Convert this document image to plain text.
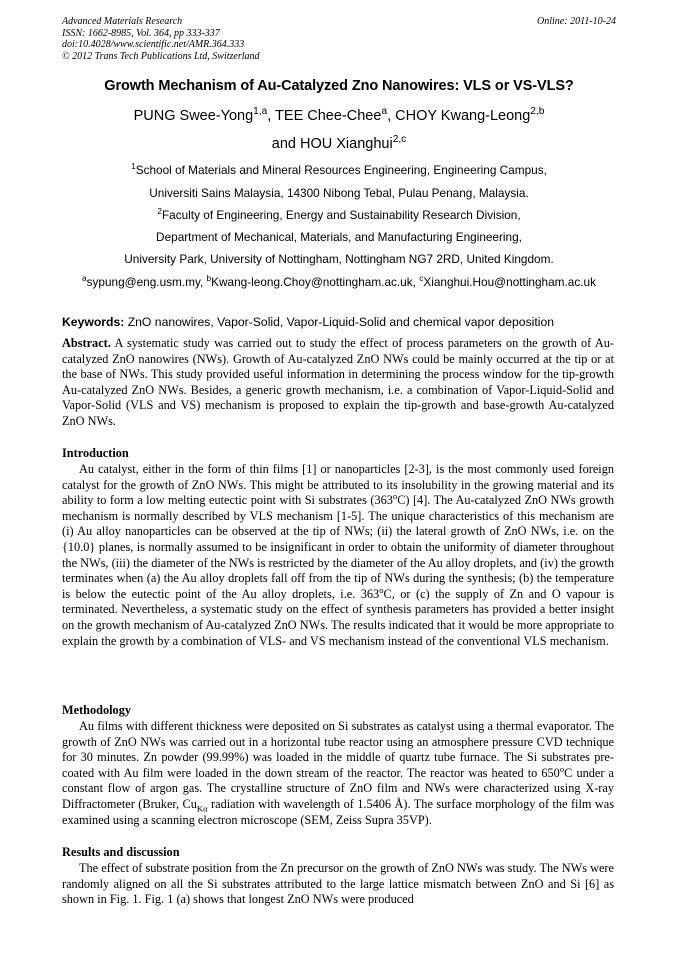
Advanced Materials Research
ISSN: 1662-8985, Vol. 364, pp 333-337
doi:10.4028/www.scientific.net/AMR.364.333
© 2012 Trans Tech Publications Ltd, Switzerland
Online: 2011-10-24
Growth Mechanism of Au-Catalyzed Zno Nanowires: VLS or VS-VLS?
PUNG Swee-Yong$^{1,a}$, TEE Chee-Chee$^a$, CHOY Kwang-Leong$^{2,b}$
and HOU Xianghui$^{2,c}$
$^1$School of Materials and Mineral Resources Engineering, Engineering Campus,
Universiti Sains Malaysia, 14300 Nibong Tebal, Pulau Penang, Malaysia.
$^2$Faculty of Engineering, Energy and Sustainability Research Division,
Department of Mechanical, Materials, and Manufacturing Engineering,
University Park, University of Nottingham, Nottingham NG7 2RD, United Kingdom.
$^a$sypung@eng.usm.my, $^b$Kwang-leong.Choy@nottingham.ac.uk, $^c$Xianghui.Hou@nottingham.ac.uk
Keywords: ZnO nanowires, Vapor-Solid, Vapor-Liquid-Solid and chemical vapor deposition
Abstract. A systematic study was carried out to study the effect of process parameters on the growth of Au-catalyzed ZnO nanowires (NWs). Growth of Au-catalyzed ZnO NWs could be mainly occurred at the tip or at the base of NWs. This study provided useful information in determining the process window for the tip-growth Au-catalyzed ZnO NWs. Besides, a generic growth mechanism, i.e. a combination of Vapor-Liquid-Solid and Vapor-Solid (VLS and VS) mechanism is proposed to explain the tip-growth and base-growth Au-catalyzed ZnO NWs.
Introduction
Au catalyst, either in the form of thin films [1] or nanoparticles [2-3], is the most commonly used foreign catalyst for the growth of ZnO NWs. This might be attributed to its insolubility in the growing material and its ability to form a low melting eutectic point with Si substrates (363$^o$C) [4]. The Au-catalyzed ZnO NWs growth mechanism is normally described by VLS mechanism [1-5]. The unique characteristics of this mechanism are (i) Au alloy nanoparticles can be observed at the tip of NWs; (ii) the lateral growth of ZnO NWs, i.e. on the {10.0} planes, is normally assumed to be insignificant in order to obtain the uniformity of diameter throughout the NWs, (iii) the diameter of the NWs is restricted by the diameter of the Au alloy droplets, and (iv) the growth terminates when (a) the Au alloy droplets fall off from the tip of NWs during the synthesis; (b) the temperature is below the eutectic point of the Au alloy droplets, i.e. 363$^o$C, or (c) the supply of Zn and O vapour is terminated. Nevertheless, a systematic study on the effect of synthesis parameters has provided a better insight on the growth mechanism of Au-catalyzed ZnO NWs. The results indicated that it would be more appropriate to explain the growth by a combination of VLS- and VS mechanism instead of the conventional VLS mechanism.
Methodology
Au films with different thickness were deposited on Si substrates as catalyst using a thermal evaporator. The growth of ZnO NWs was carried out in a horizontal tube reactor using an atmosphere pressure CVD technique for 30 minutes. Zn powder (99.99%) was loaded in the middle of quartz tube furnace. The Si substrates pre-coated with Au film were loaded in the down stream of the reactor. The reactor was heated to 650$^o$C under a constant flow of argon gas. The crystalline structure of ZnO film and NWs were characterized using X-ray Diffractometer (Bruker, $Cu_{K\alpha}$ radiation with wavelength of 1.5406 Å). The surface morphology of the film was examined using a scanning electron microscope (SEM, Zeiss Supra 35VP).
Results and discussion
The effect of substrate position from the Zn precursor on the growth of ZnO NWs was study. The NWs were randomly aligned on all the Si substrates attributed to the large lattice mismatch between ZnO and Si [6] as shown in Fig. 1. Fig. 1 (a) shows that longest ZnO NWs were produced
